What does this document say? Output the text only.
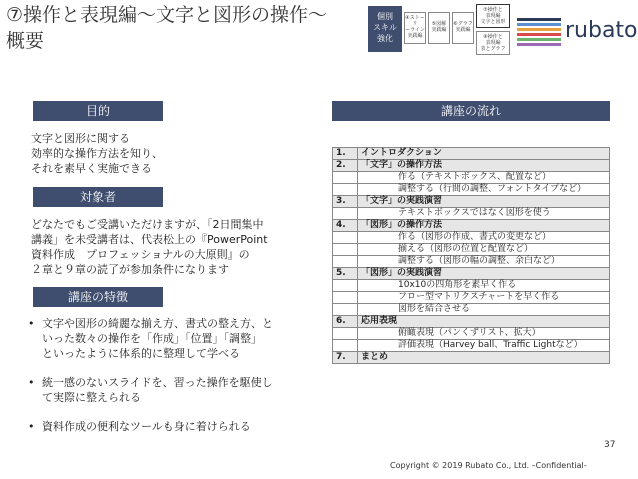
⑦操作と表現編～文字と図形の操作～
概要
個別
スキル
強化
④ストーリ
ーライン
実践編
⑤図解
実践編
⑥グラフ
実践編
⑦操作と
表現編
文字と図形
⑧操作と
表現編
表とグラフ
rubato
目的
文字と図形に関する
効率的な操作方法を知り、
それを素早く実施できる
対象者
どなたでもご受講いただけますが、「2日間集中
講義」を未受講者は、代表松上の『PowerPoint
資料作成　プロフェッショナルの大原則』の
２章と９章の読了が参加条件になります
講座の特徴
• 文字や図形の綺麗な揃え方、書式の整え方、と
いった数々の操作を「作成」「位置」「調整」
といったように体系的に整理して学べる
• 統一感のないスライドを、習った操作を駆使し
て実際に整えられる
• 資料作成の便利なツールも身に着けられる
講座の流れ
1.	イントロダクション
2.	「文字」の操作方法
	作る（テキストボックス、配置など）
	調整する（行間の調整、フォントタイプなど）
3.	「文字」の実践演習
	テキストボックスではなく図形を使う
4.	「図形」の操作方法
	作る（図形の作成、書式の変更など）
	揃える（図形の位置と配置など）
	調整する（図形の幅の調整、余白など）
5.	「図形」の実践演習
	10x10の四角形を素早く作る
	フロー型マトリクスチャートを早く作る
	図形を結合させる
6.	応用表現
	俯瞰表現（パンくずリスト、拡大）
	評価表現（Harvey ball、Traffic Lightなど）
7.	まとめ
37
Copyright © 2019 Rubato Co., Ltd. –Confidential-
